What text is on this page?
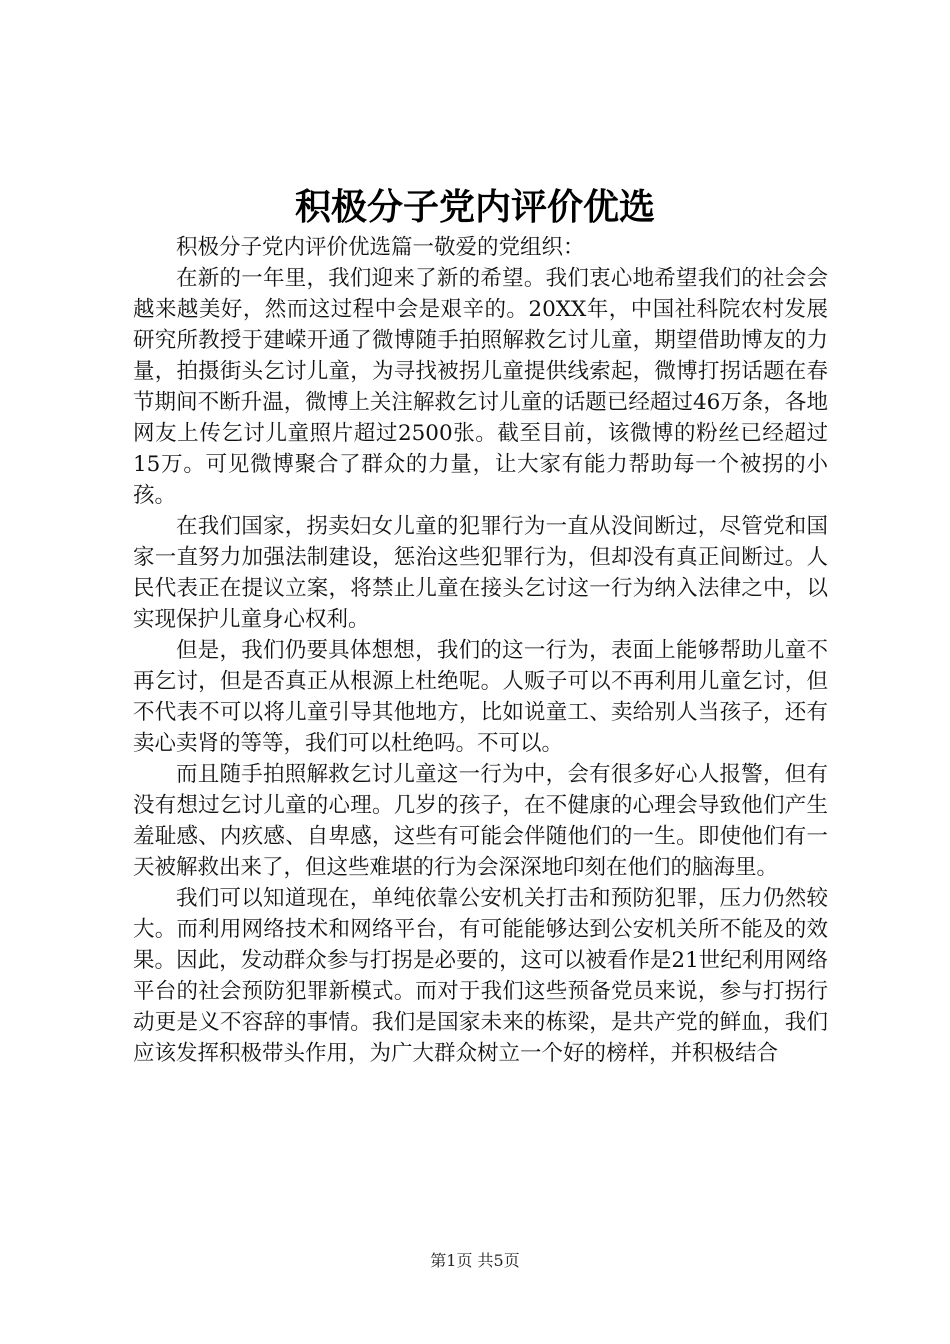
积极分子党内评价优选

积极分子党内评价优选篇一敬爱的党组织：

在新的一年里，我们迎来了新的希望。我们衷心地希望我们的社会会越来越美好，然而这过程中会是艰辛的。20XX年，中国社科院农村发展研究所教授于建嵘开通了微博随手拍照解救乞讨儿童，期望借助博友的力量，拍摄街头乞讨儿童，为寻找被拐儿童提供线索起，微博打拐话题在春节期间不断升温，微博上关注解救乞讨儿童的话题已经超过46万条，各地网友上传乞讨儿童照片超过2500张。截至目前，该微博的粉丝已经超过15万。可见微博聚合了群众的力量，让大家有能力帮助每一个被拐的小孩。

在我们国家，拐卖妇女儿童的犯罪行为一直从没间断过，尽管党和国家一直努力加强法制建设，惩治这些犯罪行为，但却没有真正间断过。人民代表正在提议立案，将禁止儿童在接头乞讨这一行为纳入法律之中，以实现保护儿童身心权利。

但是，我们仍要具体想想，我们的这一行为，表面上能够帮助儿童不再乞讨，但是否真正从根源上杜绝呢。人贩子可以不再利用儿童乞讨，但不代表不可以将儿童引导其他地方，比如说童工、卖给别人当孩子，还有卖心卖肾的等等，我们可以杜绝吗。不可以。

而且随手拍照解救乞讨儿童这一行为中，会有很多好心人报警，但有没有想过乞讨儿童的心理。几岁的孩子，在不健康的心理会导致他们产生羞耻感、内疚感、自卑感，这些有可能会伴随他们的一生。即使他们有一天被解救出来了，但这些难堪的行为会深深地印刻在他们的脑海里。

我们可以知道现在，单纯依靠公安机关打击和预防犯罪，压力仍然较大。而利用网络技术和网络平台，有可能能够达到公安机关所不能及的效果。因此，发动群众参与打拐是必要的，这可以被看作是21世纪利用网络平台的社会预防犯罪新模式。而对于我们这些预备党员来说，参与打拐行动更是义不容辞的事情。我们是国家未来的栋梁，是共产党的鲜血，我们应该发挥积极带头作用，为广大群众树立一个好的榜样，并积极结合

第1页 共5页
